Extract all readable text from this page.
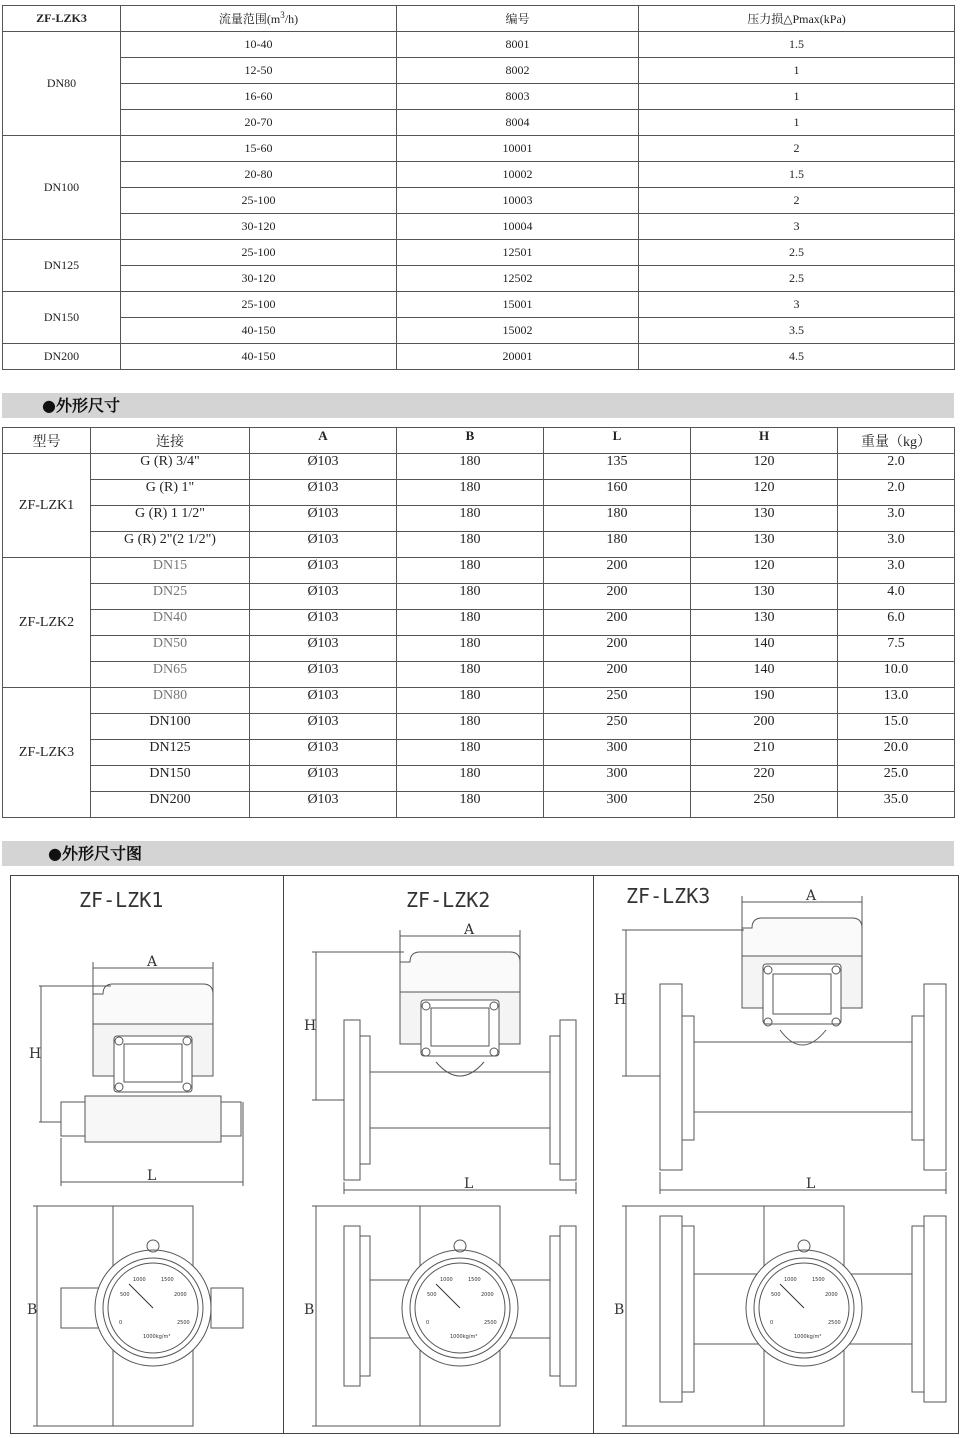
ZF-LZK3	流量范围$(m^3/h)$	编号	压力损△Pmax(kPa)
DN80	10-40	8001	1.5
	12-50	8002	1
	16-60	8003	1
	20-70	8004	1
DN100	15-60	10001	2
	20-80	10002	1.5
	25-100	10003	2
	30-120	10004	3
DN125	25-100	12501	2.5
	30-120	12502	2.5
DN150	25-100	15001	3
	40-150	15002	3.5
DN200	40-150	20001	4.5
●外形尺寸
型号	连接	A	B	L	H	重量（kg）
ZF-LZK1	G (R) 3/4"	Ø103	180	135	120	2.0
	G (R) 1"	Ø103	180	160	120	2.0
	G (R) 1 1/2"	Ø103	180	180	130	3.0
	G (R) 2"(2 1/2")	Ø103	180	180	130	3.0
ZF-LZK2	DN15	Ø103	180	200	120	3.0
	DN25	Ø103	180	200	130	4.0
	DN40	Ø103	180	200	130	6.0
	DN50	Ø103	180	200	140	7.5
	DN65	Ø103	180	200	140	10.0
ZF-LZK3	DN80	Ø103	180	250	190	13.0
	DN100	Ø103	180	250	200	15.0
	DN125	Ø103	180	300	210	20.0
	DN150	Ø103	180	300	220	25.0
	DN200	Ø103	180	300	250	35.0
●外形尺寸图
ZF-LZK1
A
H
L
B
0
500
1000	1500
2000
2500
1000kg/m³
ZF-LZK2
A
H
L
B
0
500
1000	1500
2000
2500
1000kg/m³
ZF-LZK3	A
H
L
B
0
500
1000	1500
2000
2500
1000kg/m³
